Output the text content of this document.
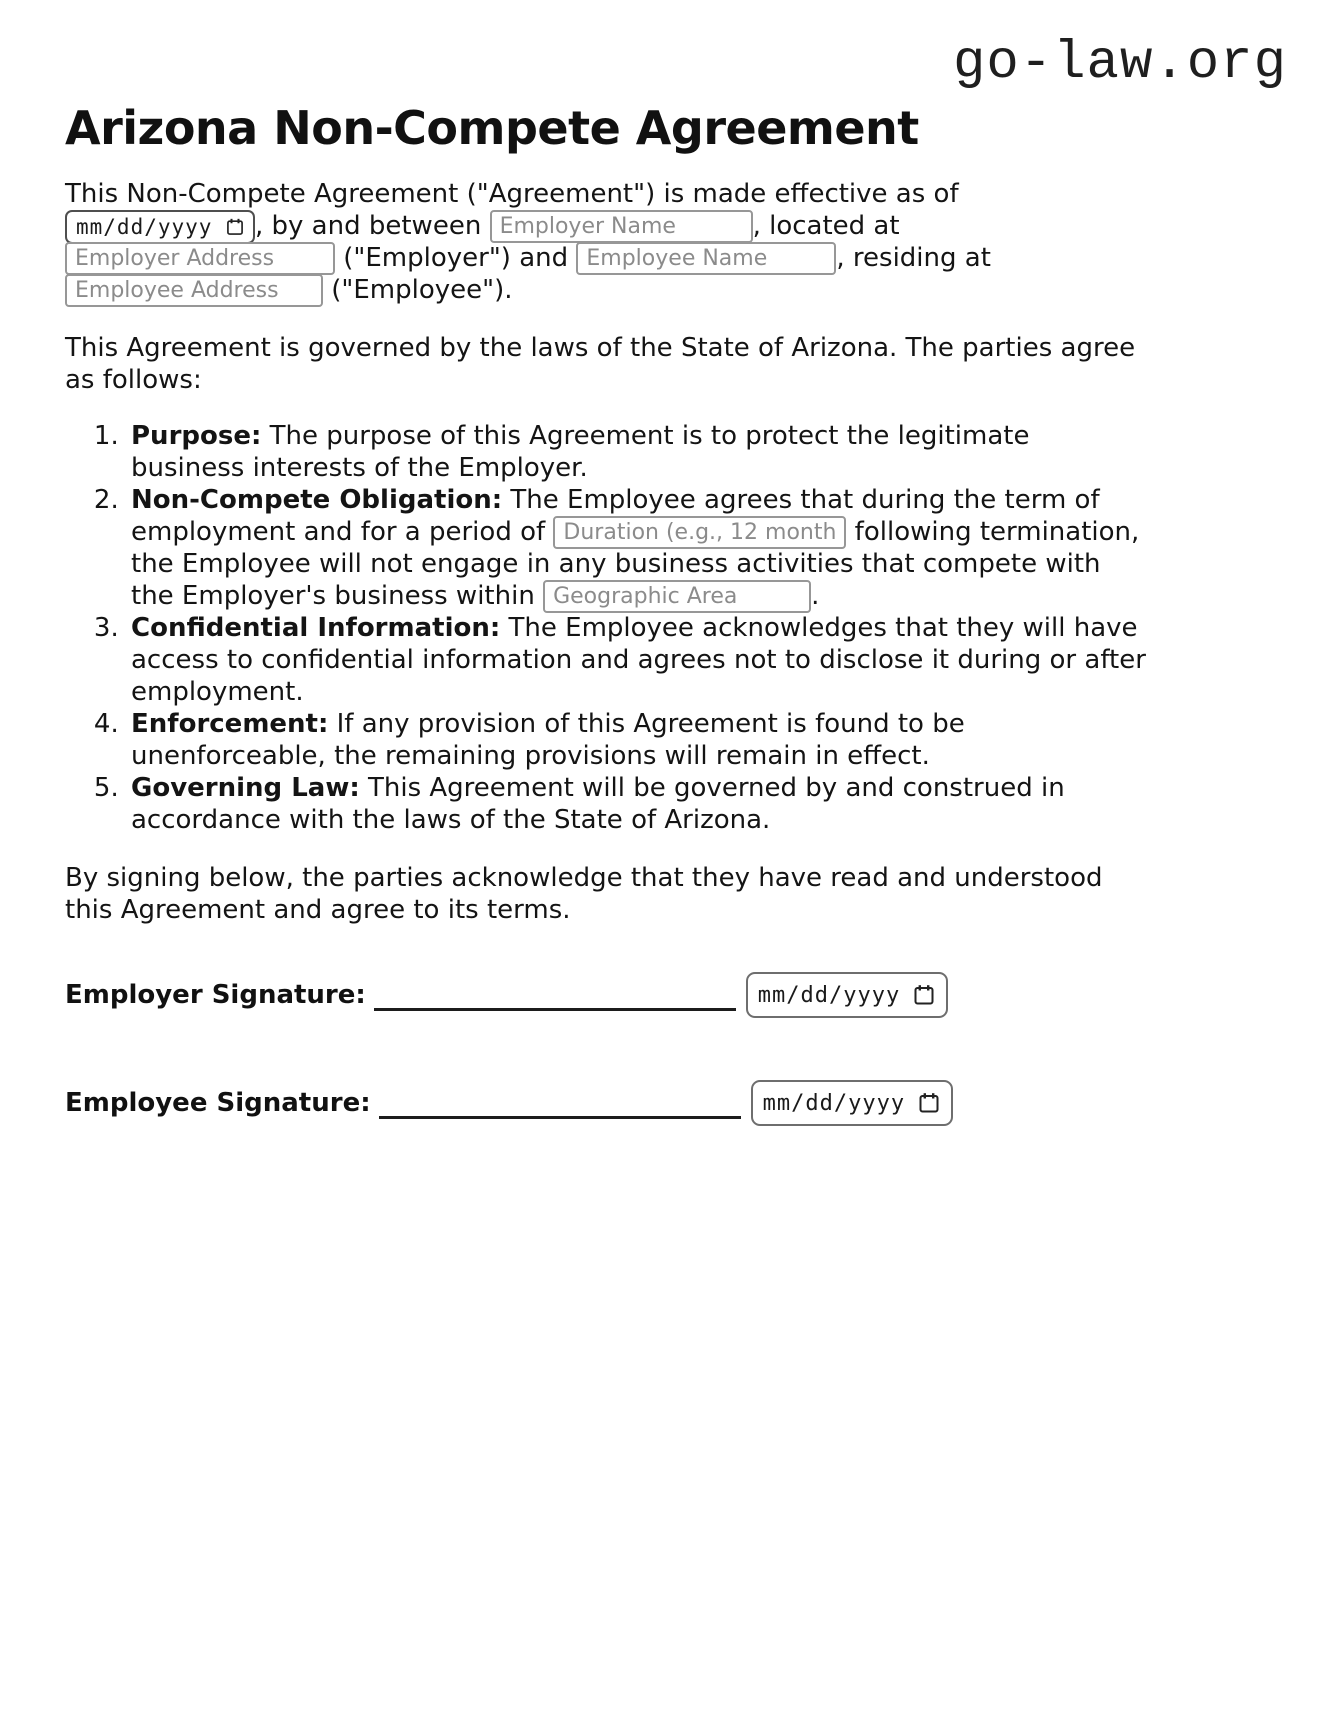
go-law.org
Arizona Non-Compete Agreement

This Non-Compete Agreement ("Agreement") is made effective as of
mm/dd/yyyy , by and between Employer Name	, located at Employer Address ("Employer") and Employee Name	, residing at Employee Address ("Employee").

This Agreement is governed by the laws of the State of Arizona. The parties agree as follows:

1. Purpose: The purpose of this Agreement is to protect the legitimate business interests of the Employer.
2. Non-Compete Obligation: The Employee agrees that during the term of employment and for a period of Duration (e.g., 12 months)	following termination, the Employee will not engage in any business activities that compete with the Employer's business within Geographic Area	.
3. Confidential Information: The Employee acknowledges that they will have access to confidential information and agrees not to disclose it during or after employment.
4. Enforcement: If any provision of this Agreement is found to be unenforceable, the remaining provisions will remain in effect.
5. Governing Law: This Agreement will be governed by and construed in accordance with the laws of the State of Arizona.

By signing below, the parties acknowledge that they have read and understood this Agreement and agree to its terms.

Employer Signature:	mm/dd/yyyy
Employee Signature:	mm/dd/yyyy
